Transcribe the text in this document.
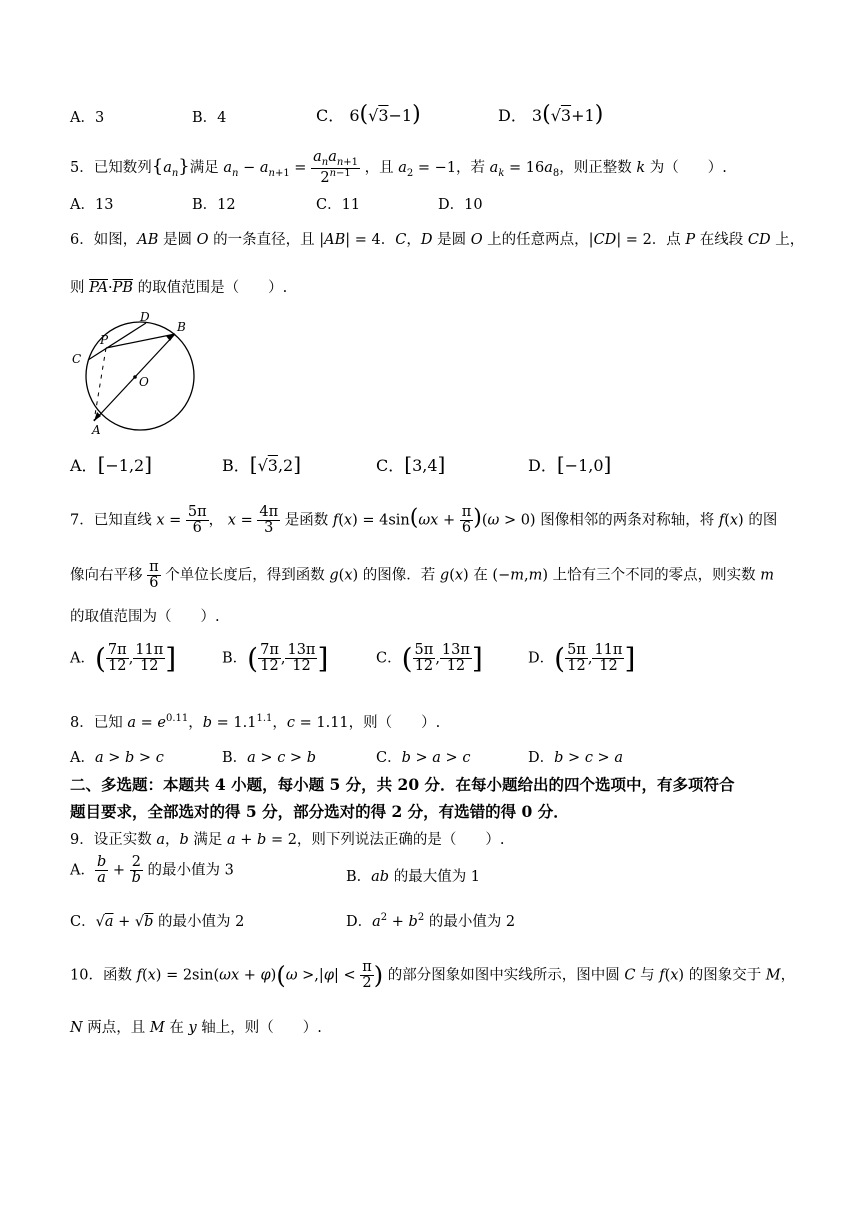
A．3	B．4	C． 6(√3−1)	D． 3(√3+1)
5．已知数列$\{a_n\}$满足 $a_n - a_{n+1} = \frac{a_na_{n+1}}{2^{n-1}}$ ，且 $a_2 = -1$，若 $a_k = 16a_8$，则正整数 k 为（　　）.
A．13	B．12	C．11	D．10
6．如图，AB 是圆 O 的一条直径，且 |AB| = 4．C，D 是圆 O 上的任意两点，|CD| = 2．点 P 在线段 CD 上，
则 $\overline{PA}\cdot\overline{PB}$ 的取值范围是（　　）.
D
B
C
P
O
A
A．[−1,2]	B．[√3,2]	C．[3,4]	D．[−1,0]
7．已知直线 $x = \frac{5\pi}{6}$ ， $x = \frac{4\pi}{3}$ 是函数 $f(x) = 4\sin(\omega x + \frac{\pi}{6} )(\omega > 0)$ 图像相邻的两条对称轴，将 f(x) 的图
像向右平移 $\frac{\pi}{6}$ 个单位长度后，得到函数 g(x) 的图像．若 g(x) 在 (−m,m) 上恰有三个不同的零点，则实数 m
的取值范围为（　　）.
A．( $\frac{7\pi}{12}$ , $\frac{11\pi}{12}$ ]	B．( $\frac{7\pi}{12}$ , $\frac{13\pi}{12}$ ]	C．( $\frac{5\pi}{12}$ , $\frac{13\pi}{12}$ ]	D．( $\frac{5\pi}{12}$ , $\frac{11\pi}{12}$ ]
8．已知 $a = e^{0.11}$，$b = 1.1^{1.1}$，c = 1.11，则（　　）.
A．a > b > c	B．a > c > b	C．b > a > c	D．b > c > a
二、多选题：本题共 4 小题，每小题 5 分，共 20 分．在每小题给出的四个选项中，有多项符合
题目要求，全部选对的得 5 分，部分选对的得 2 分，有选错的得 0 分．
9．设正实数 a，b 满足 a + b = 2，则下列说法正确的是（　　）.
A． $\frac{b}{a} + \frac{2}{b}$ 的最小值为 3	B．ab 的最大值为 1
C．√a + √b 的最小值为 2	D．$a^2 + b^2$ 的最小值为 2
10．函数 $f(x) = 2\sin(\omega x + \varphi)(\omega >,|\varphi| < \frac{\pi}{2}$ ) 的部分图象如图中实线所示，图中圆 C 与 f(x) 的图象交于 M，
N 两点，且 M 在 y 轴上，则（　　）.
